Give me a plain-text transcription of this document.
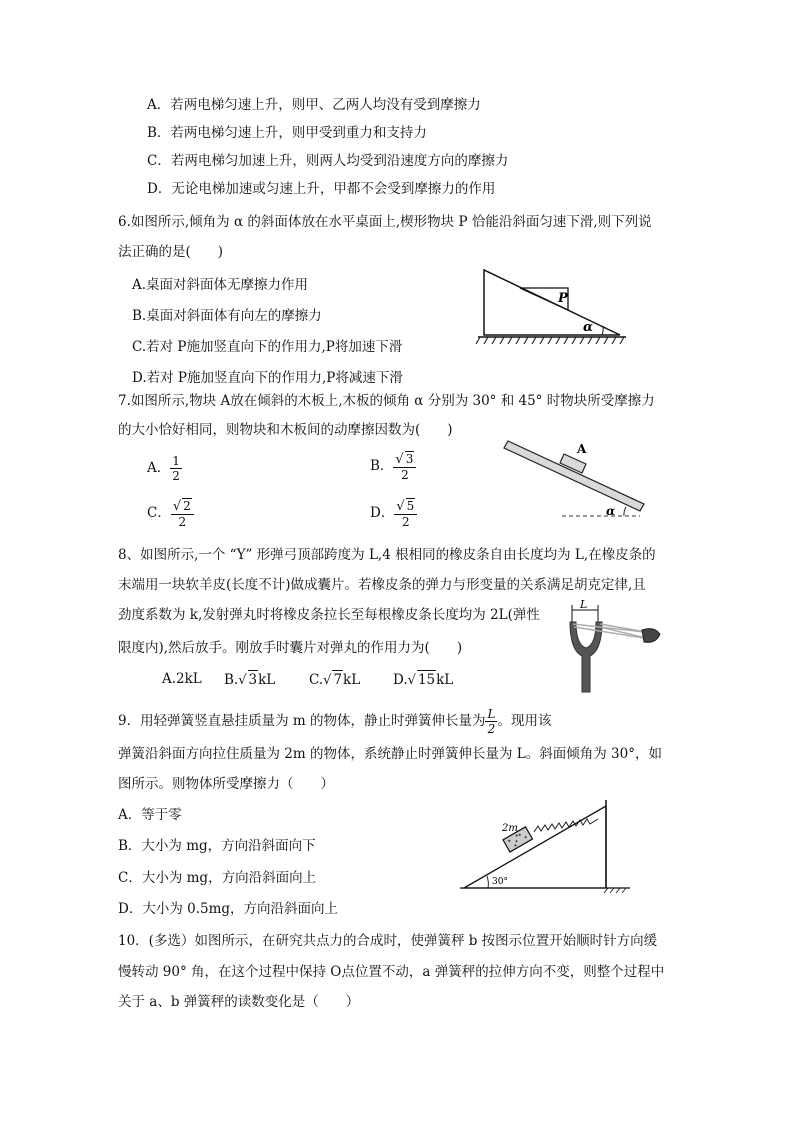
A．若两电梯匀速上升，则甲、乙两人均没有受到摩擦力
B．若两电梯匀速上升，则甲受到重力和支持力
C．若两电梯匀加速上升，则两人均受到沿速度方向的摩擦力
D．无论电梯加速或匀速上升，甲都不会受到摩擦力的作用
6.如图所示,倾角为 α 的斜面体放在水平桌面上,楔形物块 P 恰能沿斜面匀速下滑,则下列说
法正确的是(　　)
A.桌面对斜面体无摩擦力作用
B.桌面对斜面体有向左的摩擦力
C.若对 P施加竖直向下的作用力,P将加速下滑
D.若对 P施加竖直向下的作用力,P将减速下滑
P
α
7.如图所示,物块 A放在倾斜的木板上,木板的倾角 α 分别为 30° 和 45° 时物块所受摩擦力
的大小恰好相同，则物块和木板间的动摩擦因数为(　　)
A． $\frac{1}{2}$	B． $\frac{√ 3}{2}$
C． $\frac{√ 2}{2}$	D． $\frac{√ 5}{2}$
A
α
8、如图所示,一个 “Y” 形弹弓顶部跨度为 L,4 根相同的橡皮条自由长度均为 L,在橡皮条的
末端用一块软羊皮(长度不计)做成囊片。若橡皮条的弹力与形变量的关系满足胡克定律,且
劲度系数为 k,发射弹丸时将橡皮条拉长至每根橡皮条长度均为 2L(弹性
限度内),然后放手。刚放手时囊片对弹丸的作用力为(　　)
A.2kL B.√ 3kL C.√ 7kL D.√ 15kL
L
9．用轻弹簧竖直悬挂质量为 m 的物体，静止时弹簧伸长量为 $\frac{L}{2}$ 。现用该
弹簧沿斜面方向拉住质量为 2m 的物体，系统静止时弹簧伸长量为 L。斜面倾角为 30°，如
图所示。则物体所受摩擦力（　　）
A．等于零
B．大小为 mg，方向沿斜面向下
C．大小为 mg，方向沿斜面向上
D．大小为 0.5mg，方向沿斜面向上
2m
30°
10．(多选）如图所示，在研究共点力的合成时，使弹簧秤 b 按图示位置开始顺时针方向缓
慢转动 90° 角，在这个过程中保持 O点位置不动，a 弹簧秤的拉伸方向不变，则整个过程中
关于 a、b 弹簧秤的读数变化是（　　）
